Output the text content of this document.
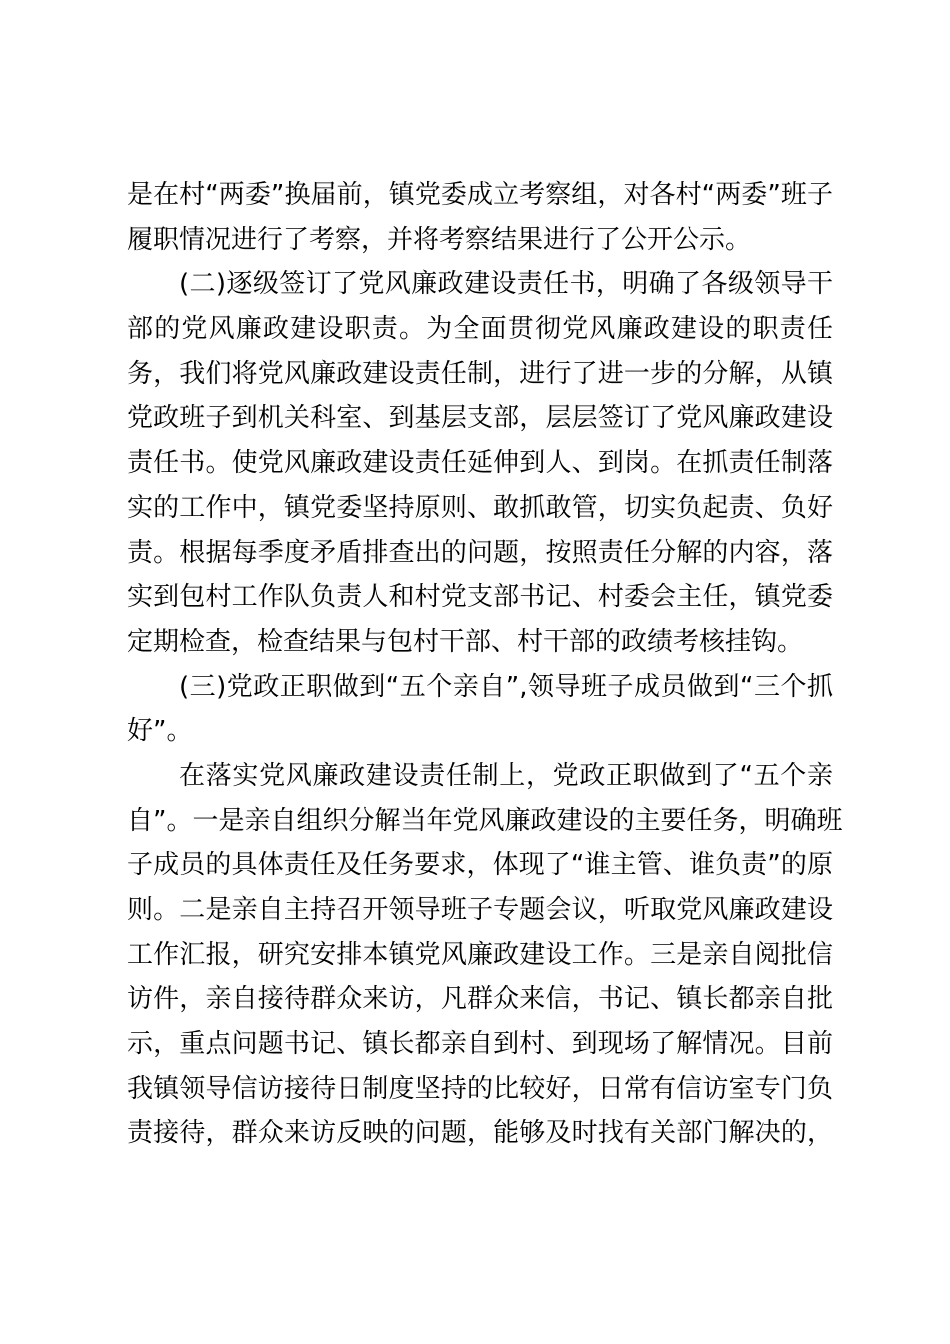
是在村“两委”换届前，镇党委成立考察组，对各村“两委”班子
履职情况进行了考察，并将考察结果进行了公开公示。
(二)逐级签订了党风廉政建设责任书，明确了各级领导干
部的党风廉政建设职责。为全面贯彻党风廉政建设的职责任
务，我们将党风廉政建设责任制，进行了进一步的分解，从镇
党政班子到机关科室、到基层支部，层层签订了党风廉政建设
责任书。使党风廉政建设责任延伸到人、到岗。在抓责任制落
实的工作中，镇党委坚持原则、敢抓敢管，切实负起责、负好
责。根据每季度矛盾排查出的问题，按照责任分解的内容，落
实到包村工作队负责人和村党支部书记、村委会主任，镇党委
定期检查，检查结果与包村干部、村干部的政绩考核挂钩。
(三)党政正职做到“五个亲自”,领导班子成员做到“三个抓
好”。
在落实党风廉政建设责任制上，党政正职做到了“五个亲
自”。一是亲自组织分解当年党风廉政建设的主要任务，明确班
子成员的具体责任及任务要求，体现了“谁主管、谁负责”的原
则。二是亲自主持召开领导班子专题会议，听取党风廉政建设
工作汇报，研究安排本镇党风廉政建设工作。三是亲自阅批信
访件，亲自接待群众来访，凡群众来信，书记、镇长都亲自批
示，重点问题书记、镇长都亲自到村、到现场了解情况。目前
我镇领导信访接待日制度坚持的比较好，日常有信访室专门负
责接待，群众来访反映的问题，能够及时找有关部门解决的，
